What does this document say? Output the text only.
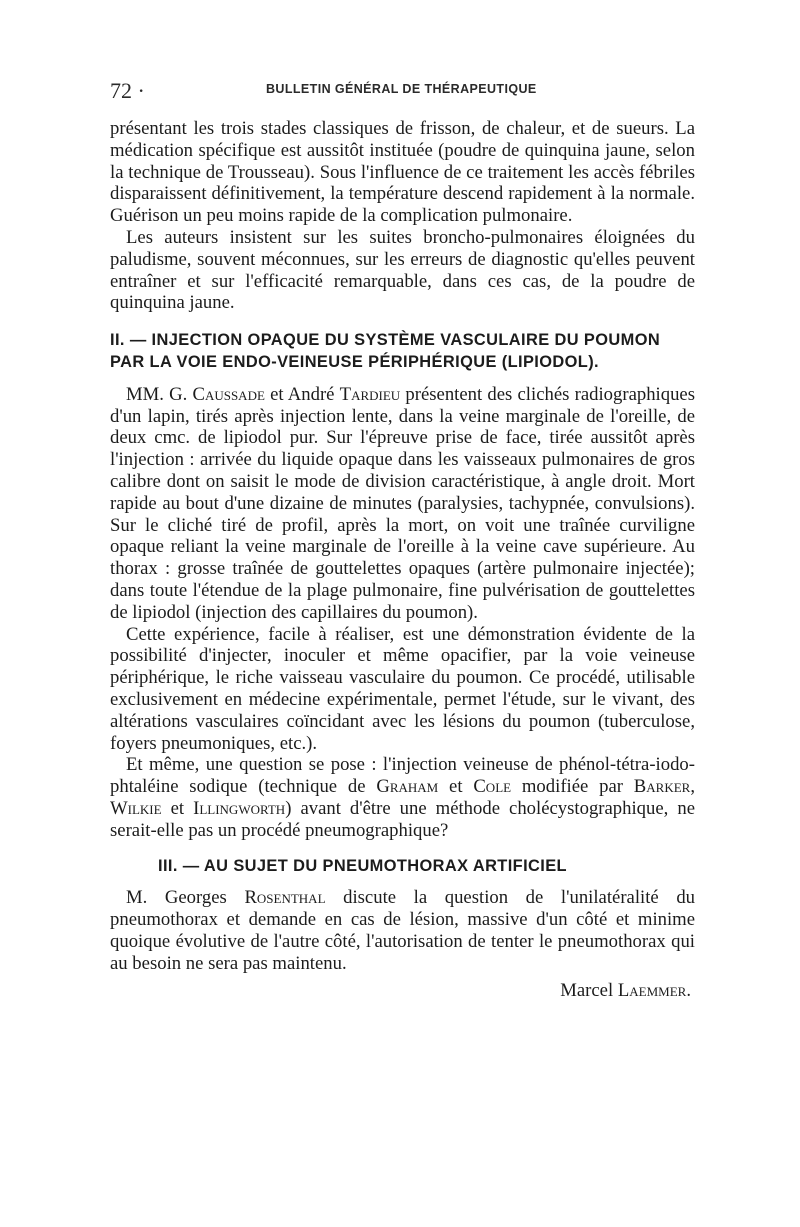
72 ·	BULLETIN GÉNÉRAL DE THÉRAPEUTIQUE

présentant les trois stades classiques de frisson, de chaleur, et de sueurs. La médication spécifique est aussitôt instituée (poudre de quinquina jaune, selon la technique de Trousseau). Sous l'influence de ce traitement les accès fébriles disparaissent définitivement, la température descend rapidement à la normale. Guérison un peu moins rapide de la complication pulmonaire.

Les auteurs insistent sur les suites broncho-pulmonaires éloignées du paludisme, souvent méconnues, sur les erreurs de diagnostic qu'elles peuvent entraîner et sur l'efficacité remarquable, dans ces cas, de la poudre de quinquina jaune.

II. — INJECTION OPAQUE DU SYSTÈME VASCULAIRE DU POUMON PAR LA VOIE ENDO-VEINEUSE PÉRIPHÉRIQUE (LIPIODOL).

MM. G. Caussade et André Tardieu présentent des clichés radiographiques d'un lapin, tirés après injection lente, dans la veine marginale de l'oreille, de deux cmc. de lipiodol pur. Sur l'épreuve prise de face, tirée aussitôt après l'injection : arrivée du liquide opaque dans les vaisseaux pulmonaires de gros calibre dont on saisit le mode de division caractéristique, à angle droit. Mort rapide au bout d'une dizaine de minutes (paralysies, tachypnée, convulsions). Sur le cliché tiré de profil, après la mort, on voit une traînée curviligne opaque reliant la veine marginale de l'oreille à la veine cave supérieure. Au thorax : grosse traînée de gouttelettes opaques (artère pulmonaire injectée); dans toute l'étendue de la plage pulmonaire, fine pulvérisation de gouttelettes de lipiodol (injection des capillaires du poumon).

Cette expérience, facile à réaliser, est une démonstration évidente de la possibilité d'injecter, inoculer et même opacifier, par la voie veineuse périphérique, le riche vaisseau vasculaire du poumon. Ce procédé, utilisable exclusivement en médecine expérimentale, permet l'étude, sur le vivant, des altérations vasculaires coïncidant avec les lésions du poumon (tuberculose, foyers pneumoniques, etc.).

Et même, une question se pose : l'injection veineuse de phénol-tétra-iodo-phtaléine sodique (technique de Graham et Cole modifiée par Barker, Wilkie et Illingworth) avant d'être une méthode cholécystographique, ne serait-elle pas un procédé pneumographique?

III. — AU SUJET DU PNEUMOTHORAX ARTIFICIEL

M. Georges Rosenthal discute la question de l'unilatéralité du pneumothorax et demande en cas de lésion, massive d'un côté et minime quoique évolutive de l'autre côté, l'autorisation de tenter le pneumothorax qui au besoin ne sera pas maintenu.

Marcel Laemmer.
